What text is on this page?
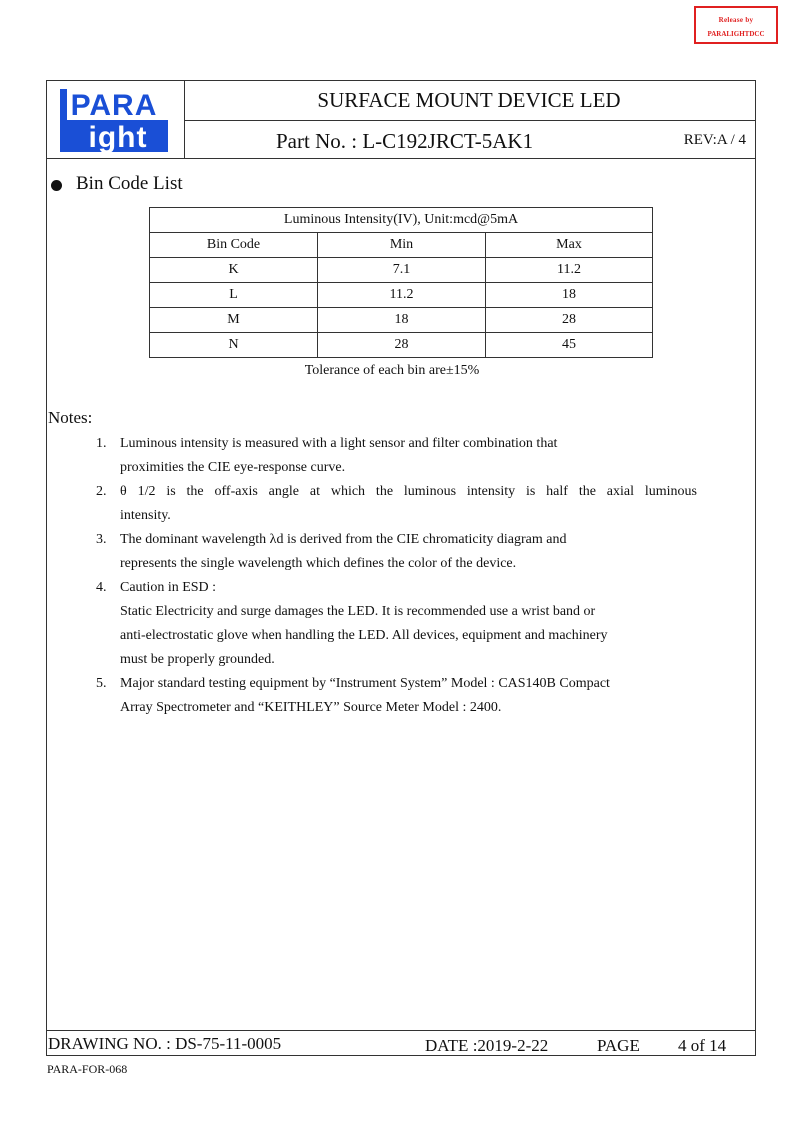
Release by
PARALIGHTDCC
PARA
ight
SURFACE MOUNT DEVICE LED
Part No. : L-C192JRCT-5AK1	REV:A / 4
Bin Code List
Luminous Intensity(IV), Unit:mcd@5mA		
Bin Code	Min	Max
K	7.1	11.2
L	11.2	18
M	18	28
N	28	45
Tolerance of each bin are±15%
Notes:
1. Luminous intensity is measured with a light sensor and filter combination that
proximities the CIE eye-response curve.
2. θ 1/2 is the off-axis angle at which the luminous intensity is half the axial luminous
intensity.
3. The dominant wavelength λd is derived from the CIE chromaticity diagram and
represents the single wavelength which defines the color of the device.
4. Caution in ESD :
Static Electricity and surge damages the LED. It is recommended use a wrist band or
anti-electrostatic glove when handling the LED. All devices, equipment and machinery
must be properly grounded.
5. Major standard testing equipment by “Instrument System” Model : CAS140B Compact
Array Spectrometer and “KEITHLEY” Source Meter Model : 2400.
DRAWING NO. : DS-75-11-0005	DATE :2019-2-22	PAGE 4 of 14
PARA-FOR-068
